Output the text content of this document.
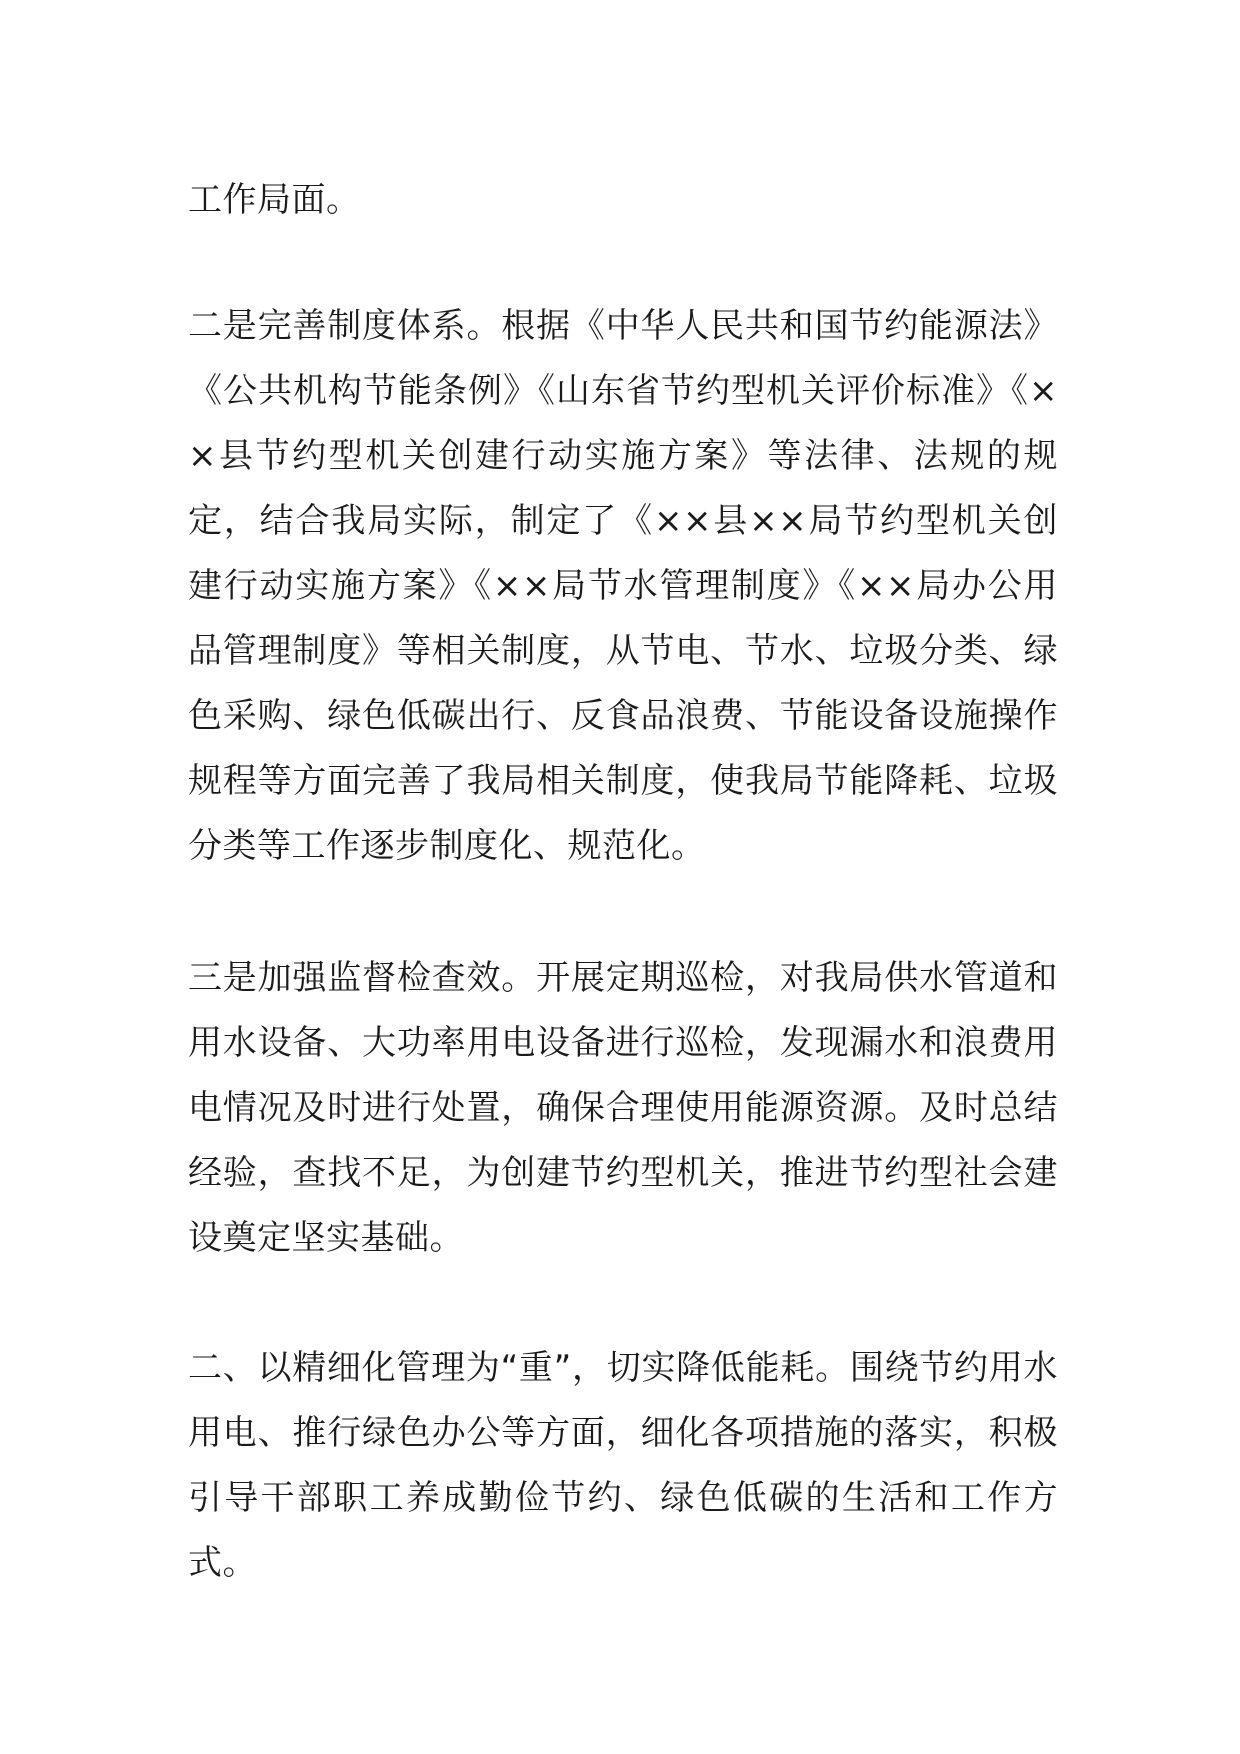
工作局面。

二是完善制度体系。根据《中华人民共和国节约能源法》《公共机构节能条例》《山东省节约型机关评价标准》《××县节约型机关创建行动实施方案》等法律、法规的规定，结合我局实际，制定了《××县××局节约型机关创建行动实施方案》《××局节水管理制度》《××局办公用品管理制度》等相关制度，从节电、节水、垃圾分类、绿色采购、绿色低碳出行、反食品浪费、节能设备设施操作规程等方面完善了我局相关制度，使我局节能降耗、垃圾分类等工作逐步制度化、规范化。

三是加强监督检查效。开展定期巡检，对我局供水管道和用水设备、大功率用电设备进行巡检，发现漏水和浪费用电情况及时进行处置，确保合理使用能源资源。及时总结经验，查找不足，为创建节约型机关，推进节约型社会建设奠定坚实基础。

二、以精细化管理为“重”，切实降低能耗。围绕节约用水用电、推行绿色办公等方面，细化各项措施的落实，积极引导干部职工养成勤俭节约、绿色低碳的生活和工作方式。
